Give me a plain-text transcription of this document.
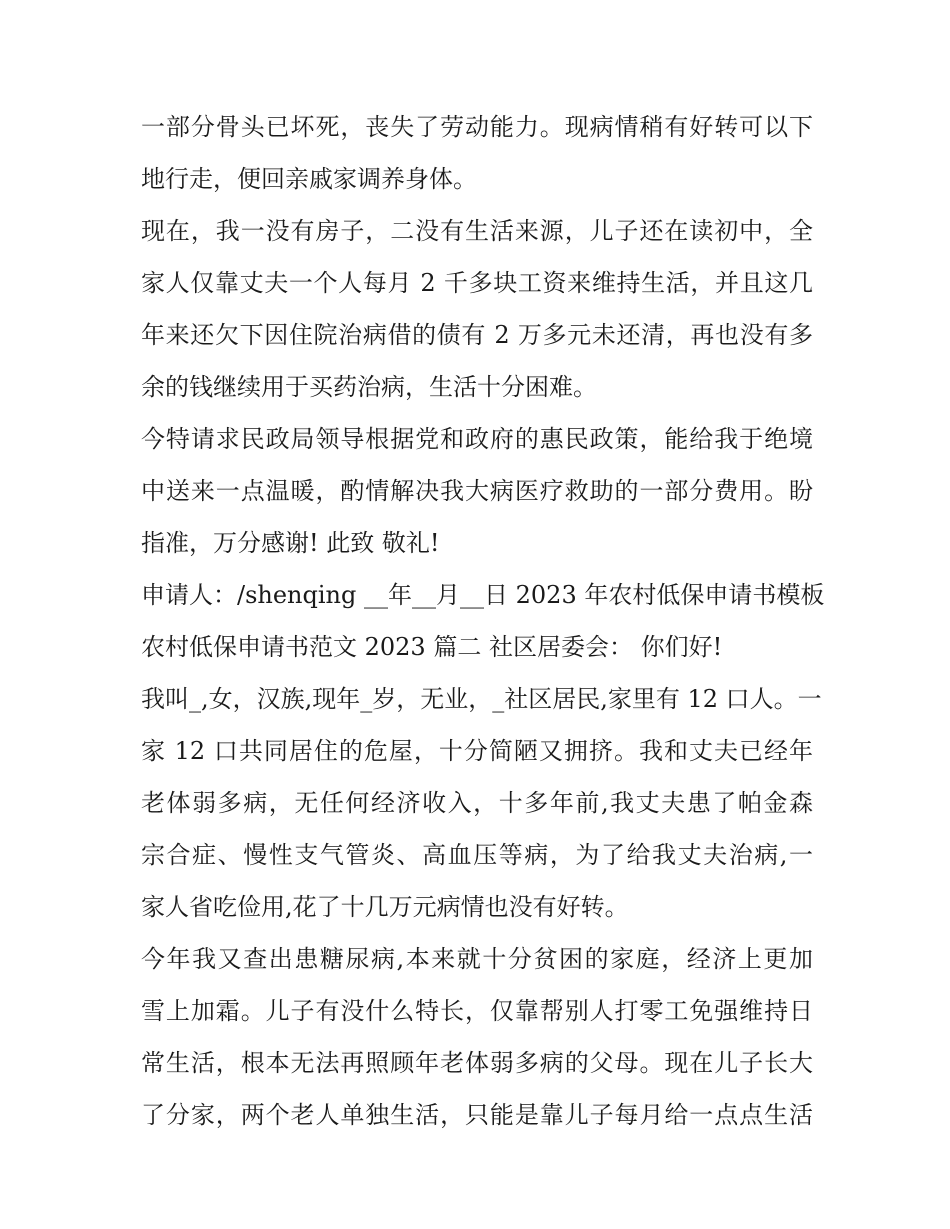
一部分骨头已坏死，丧失了劳动能力。现病情稍有好转可以下
地行走，便回亲戚家调养身体。
现在，我一没有房子，二没有生活来源，儿子还在读初中，全
家人仅靠丈夫一个人每月 2 千多块工资来维持生活，并且这几
年来还欠下因住院治病借的债有 2 万多元未还清，再也没有多
余的钱继续用于买药治病，生活十分困难。
今特请求民政局领导根据党和政府的惠民政策，能给我于绝境
中送来一点温暖，酌情解决我大病医疗救助的一部分费用。盼
指准，万分感谢! 此致 敬礼!
申请人：/shenqing __年__月__日 2023 年农村低保申请书模板
农村低保申请书范文 2023 篇二 社区居委会： 你们好!
我叫_,女，汉族,现年_岁，无业，_社区居民,家里有 12 口人。一
家 12 口共同居住的危屋，十分简陋又拥挤。我和丈夫已经年
老体弱多病，无任何经济收入，十多年前,我丈夫患了帕金森
宗合症、慢性支气管炎、高血压等病，为了给我丈夫治病,一
家人省吃俭用,花了十几万元病情也没有好转。
今年我又查出患糖尿病,本来就十分贫困的家庭，经济上更加
雪上加霜。儿子有没什么特长，仅靠帮别人打零工免强维持日
常生活，根本无法再照顾年老体弱多病的父母。现在儿子长大
了分家，两个老人单独生活，只能是靠儿子每月给一点点生活
